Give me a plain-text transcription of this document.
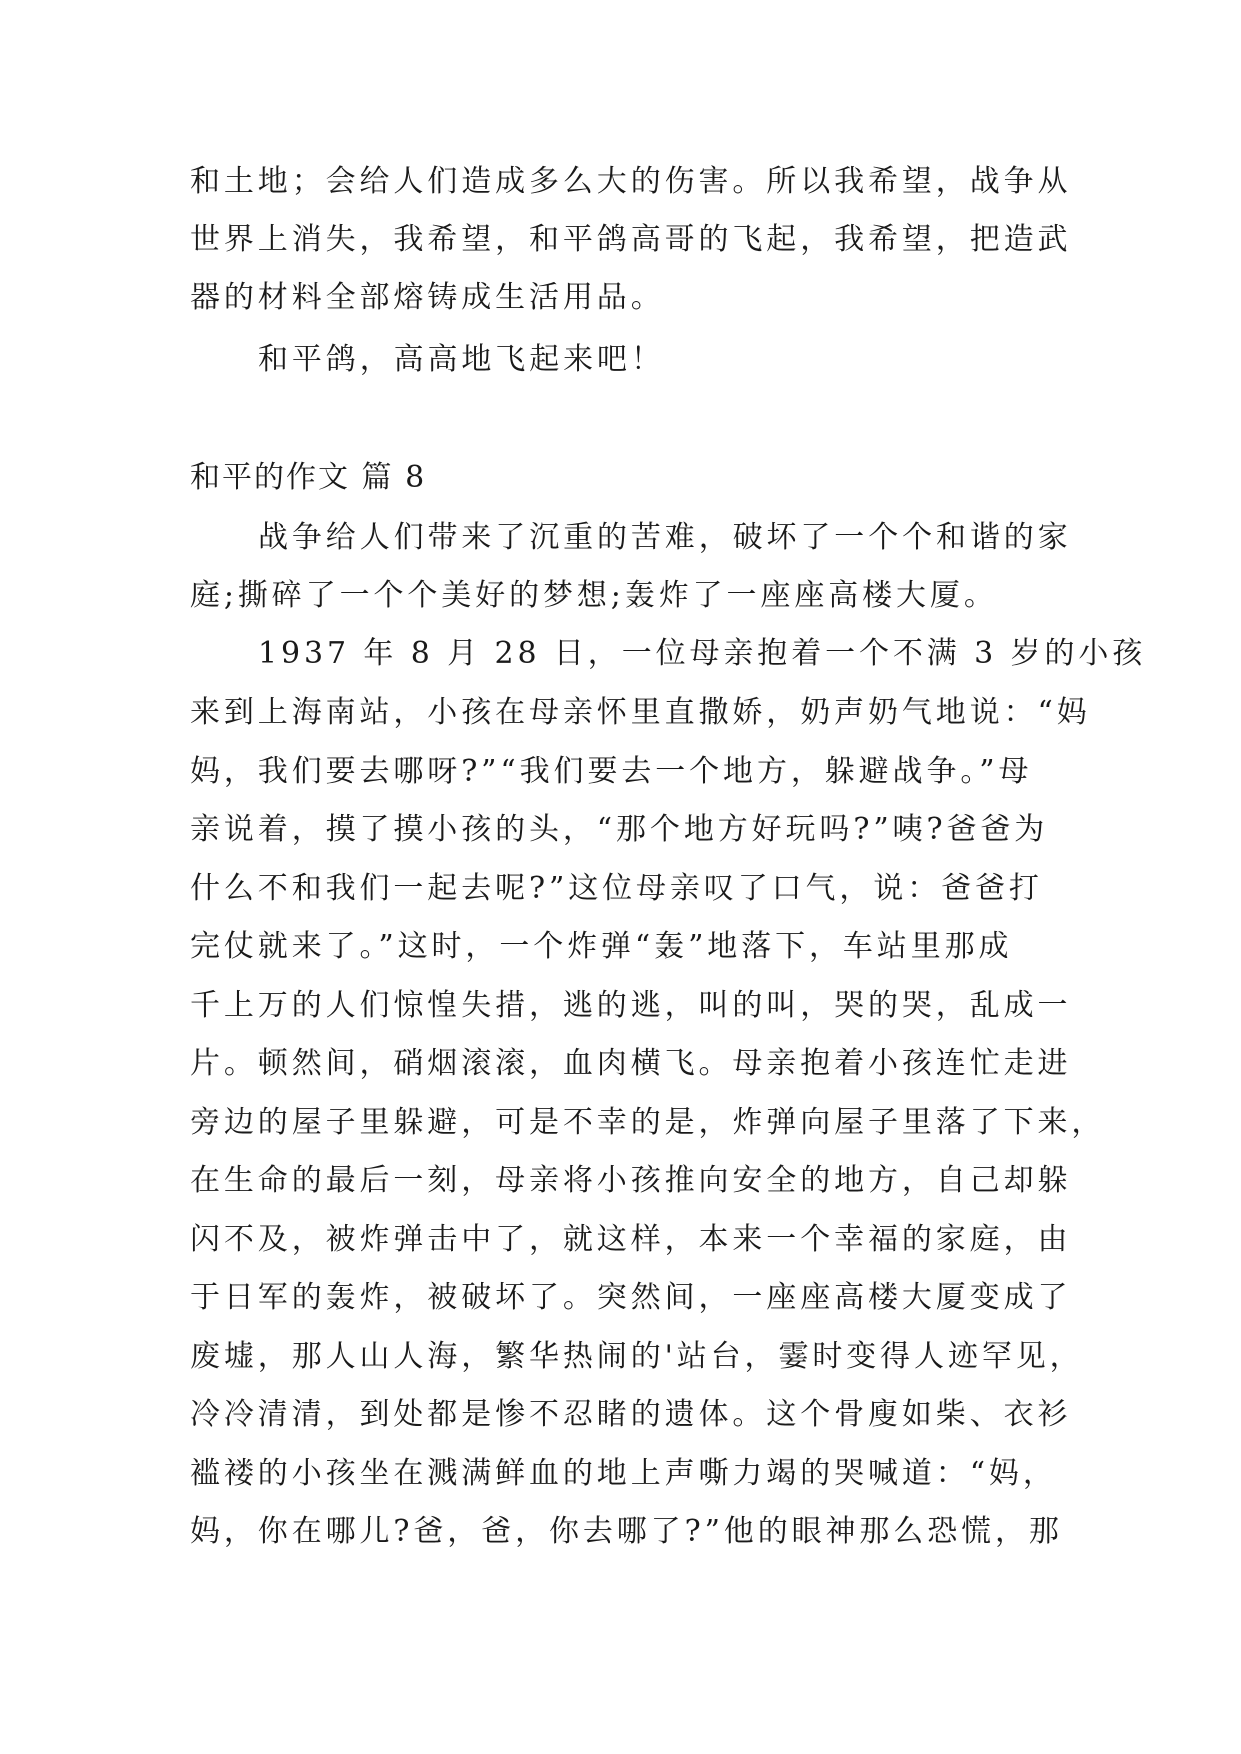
和土地；会给人们造成多么大的伤害。所以我希望，战争从
世界上消失，我希望，和平鸽高哥的飞起，我希望，把造武
器的材料全部熔铸成生活用品。
和平鸽，高高地飞起来吧！
和平的作文 篇 8
战争给人们带来了沉重的苦难，破坏了一个个和谐的家
庭;撕碎了一个个美好的梦想;轰炸了一座座高楼大厦。
1937 年 8 月 28 日，一位母亲抱着一个不满 3 岁的小孩
来到上海南站，小孩在母亲怀里直撒娇，奶声奶气地说：“妈
妈，我们要去哪呀?”“我们要去一个地方，躲避战争。”母
亲说着，摸了摸小孩的头，“那个地方好玩吗?”咦?爸爸为
什么不和我们一起去呢?”这位母亲叹了口气，说：爸爸打
完仗就来了。”这时，一个炸弹“轰”地落下，车站里那成
千上万的人们惊惶失措，逃的逃，叫的叫，哭的哭，乱成一
片。顿然间，硝烟滚滚，血肉横飞。母亲抱着小孩连忙走进
旁边的屋子里躲避，可是不幸的是，炸弹向屋子里落了下来，
在生命的最后一刻，母亲将小孩推向安全的地方，自己却躲
闪不及，被炸弹击中了，就这样，本来一个幸福的家庭，由
于日军的轰炸，被破坏了。突然间，一座座高楼大厦变成了
废墟，那人山人海，繁华热闹的'站台，霎时变得人迹罕见，
冷冷清清，到处都是惨不忍睹的遗体。这个骨廋如柴、衣衫
褴褛的小孩坐在溅满鲜血的地上声嘶力竭的哭喊道：“妈，
妈，你在哪儿?爸，爸，你去哪了?”他的眼神那么恐慌，那
